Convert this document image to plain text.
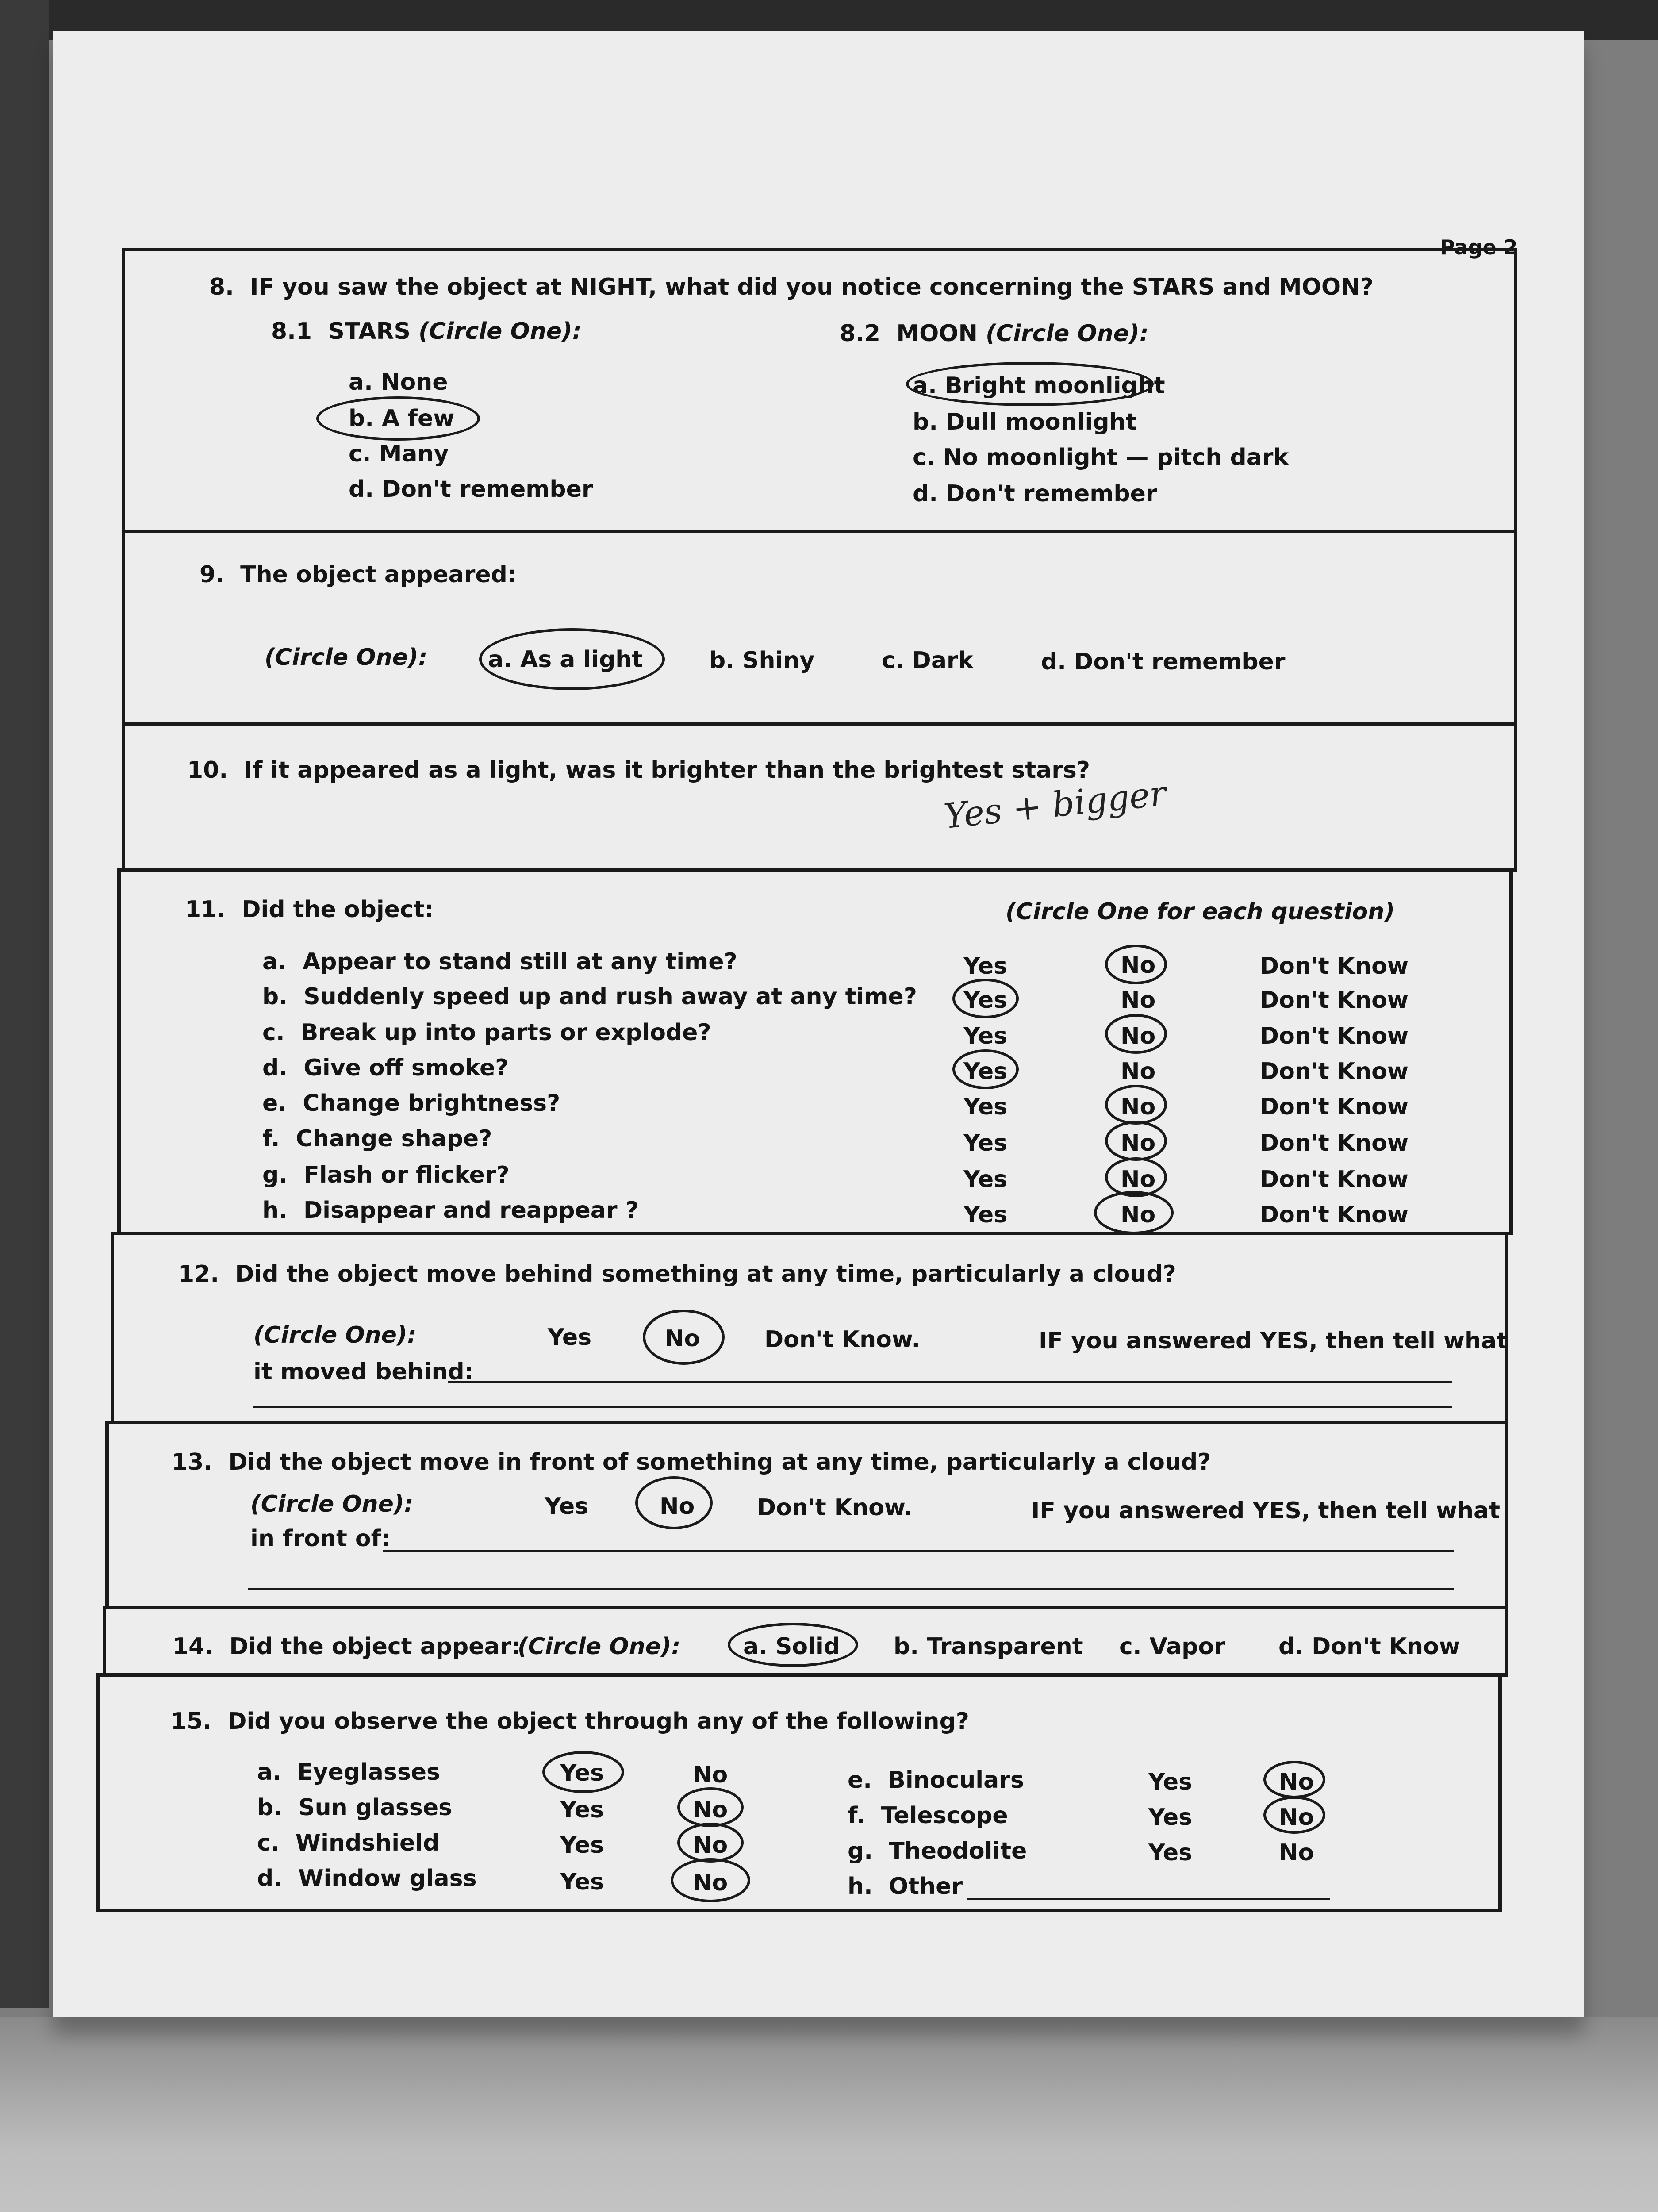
Page 2
8. IF you saw the object at NIGHT, what did you notice concerning the STARS and MOON?
8.1 STARS (Circle One):
a. None
b. A few
c. Many
d. Don't remember
8.2 MOON (Circle One):
a. Bright moonlight
b. Dull moonlight
c. No moonlight — pitch dark
d. Don't remember
9. The object appeared:
(Circle One):	a. As a light	b. Shiny	c. Dark	d. Don't remember
10. If it appeared as a light, was it brighter than the brightest stars?
Yes + bigger
11. Did the object:	(Circle One for each question)
a. Appear to stand still at any time?	Yes	No	Don't Know
b. Suddenly speed up and rush away at any time? Yes	No	Don't Know
c. Break up into parts or explode?	Yes	No	Don't Know
d. Give off smoke?	Yes	No	Don't Know
e. Change brightness?	Yes	No	Don't Know
f. Change shape?	Yes	No	Don't Know
g. Flash or flicker?	Yes	No	Don't Know
h. Disappear and reappear ?	Yes	No	Don't Know
12. Did the object move behind something at any time, particularly a cloud?
(Circle One):	Yes	No	Don't Know.	IF you answered YES, then tell what
it moved behind:
13. Did the object move in front of something at any time, particularly a cloud?
(Circle One):	Yes	No	Don't Know.	IF you answered YES, then tell what
in front of:
14. Did the object appear:
(Circle One):	a. Solid b. Transparent c. Vapor d. Don't Know
15. Did you observe the object through any of the following?
a. Eyeglasses	Yes	No
b. Sun glasses	Yes	No
c. Windshield	Yes	No
d. Window glass	Yes	No
e. Binoculars	Yes	No
f. Telescope	Yes	No
g. Theodolite	Yes	No
h. Other
